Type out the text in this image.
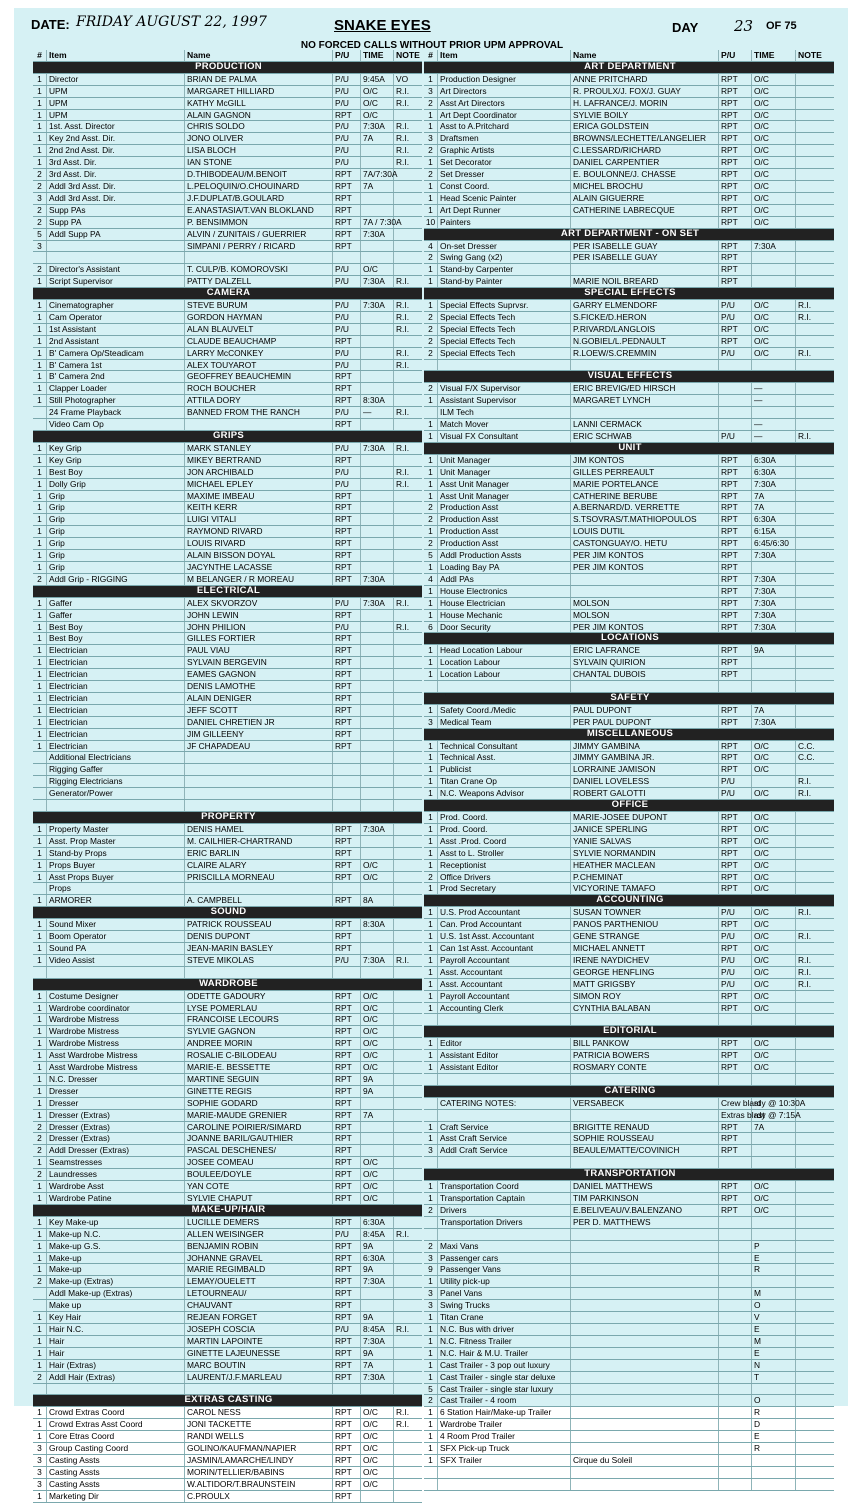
DATE: FRIDAY AUGUST 22, 1997	SNAKE EYES	DAY 23 OF 75
NO FORCED CALLS WITHOUT PRIOR UPM APPROVAL
# Item	Name	P/U	TIME	NOTE
PRODUCTION
1 Director	BRIAN DE PALMA	P/U	9:45A	VO
1 UPM	MARGARET HILLIARD	P/U	O/C	R.I.
1 UPM	KATHY McGILL	P/U	O/C	R.I.
1 UPM	ALAIN GAGNON	RPT	O/C
1 1st. Asst. Director	CHRIS SOLDO	P/U	7:30A	R.I.
1 Key 2nd Asst. Dir.	JONO OLIVER	P/U	7A	R.I.
1 2nd 2nd Asst. Dir.	LISA BLOCH	P/U	R.I.
1 3rd Asst. Dir.	IAN STONE	P/U	R.I.
2 3rd Asst. Dir.	D.THIBODEAU/M.BENOIT	RPT	7A/7:30A
2 Addl 3rd Asst. Dir.	L.PELOQUIN/O.CHOUINARD	RPT	7A
3 Addl 3rd Asst. Dir.	J.F.DUPLAT/B.GOULARD	RPT
2 Supp PAs	E.ANASTASIA/T.VAN BLOKLAND	RPT
2 Supp PA	P. BENSIMMON	RPT	7A / 7:30A
5 Addl Supp PA	ALVIN / ZUNITAIS / GUERRIER	RPT	7:30A
3	SIMPANI / PERRY / RICARD	RPT
2 Director's Assistant	T. CULP/B. KOMOROVSKI	P/U	O/C
1 Script Supervisor	PATTY DALZELL	P/U	7:30A	R.I.
CAMERA
1 Cinematographer	STEVE BURUM	P/U	7:30A	R.I.
1 Cam Operator	GORDON HAYMAN	P/U	R.I.
1 1st Assistant	ALAN BLAUVELT	P/U	R.I.
1 2nd Assistant	CLAUDE BEAUCHAMP	RPT
1 B' Camera Op/Steadicam	LARRY McCONKEY	P/U	R.I.
1 B' Camera 1st	ALEX TOUYAROT	P/U	R.I.
1 B' Camera 2nd	GEOFFREY BEAUCHEMIN	RPT
1 Clapper Loader	ROCH BOUCHER	RPT
1 Still Photographer	ATTILA DORY	RPT	8:30A
24 Frame Playback	BANNED FROM THE RANCH	P/U	—	R.I.
Video Cam Op	RPT
GRIPS
1 Key Grip	MARK STANLEY	P/U	7:30A	R.I.
1 Key Grip	MIKEY BERTRAND	RPT
1 Best Boy	JON ARCHIBALD	P/U	R.I.
1 Dolly Grip	MICHAEL EPLEY	P/U	R.I.
1 Grip	MAXIME IMBEAU	RPT
1 Grip	KEITH KERR	RPT
1 Grip	LUIGI VITALI	RPT
1 Grip	RAYMOND RIVARD	RPT
1 Grip	LOUIS RIVARD	RPT
1 Grip	ALAIN BISSON DOYAL	RPT
1 Grip	JACYNTHE LACASSE	RPT
2 Addl Grip - RIGGING	M BELANGER / R MOREAU	RPT	7:30A
ELECTRICAL
1 Gaffer	ALEX SKVORZOV	P/U	7:30A	R.I.
1 Gaffer	JOHN LEWIN	RPT
1 Best Boy	JOHN PHILION	P/U	R.I.
1 Best Boy	GILLES FORTIER	RPT
1 Electrician	PAUL VIAU	RPT
1 Electrician	SYLVAIN BERGEVIN	RPT
1 Electrician	EAMES GAGNON	RPT
1 Electrician	DENIS LAMOTHE	RPT
1 Electrician	ALAIN DENIGER	RPT
1 Electrician	JEFF SCOTT	RPT
1 Electrician	DANIEL CHRETIEN JR	RPT
1 Electrician	JIM GILLEENY	RPT
1 Electrician	JF CHAPADEAU	RPT
Additional Electricians
Rigging Gaffer
Rigging Electricians
Generator/Power
PROPERTY
1 Property Master	DENIS HAMEL	RPT	7:30A
1 Asst. Prop Master	M. CAILHIER-CHARTRAND	RPT
1 Stand-by Props	ERIC BARLIN	RPT
1 Props Buyer	CLAIRE ALARY	RPT	O/C
1 Asst Props Buyer	PRISCILLA MORNEAU	RPT	O/C
Props
1 ARMORER	A. CAMPBELL	RPT	8A
SOUND
1 Sound Mixer	PATRICK ROUSSEAU	RPT	8:30A
1 Boom Operator	DENIS DUPONT	RPT
1 Sound PA	JEAN-MARIN BASLEY	RPT
1 Video Assist	STEVE MIKOLAS	P/U	7:30A	R.I.
WARDROBE
1 Costume Designer	ODETTE GADOURY	RPT	O/C
1 Wardrobe coordinator	LYSE POMERLAU	RPT	O/C
1 Wardrobe Mistress	FRANCOISE LECOURS	RPT	O/C
1 Wardrobe Mistress	SYLVIE GAGNON	RPT	O/C
1 Wardrobe Mistress	ANDREE MORIN	RPT	O/C
1 Asst Wardrobe Mistress	ROSALIE C-BILODEAU	RPT	O/C
1 Asst Wardrobe Mistress	MARIE-E. BESSETTE	RPT	O/C
1 N.C. Dresser	MARTINE SEGUIN	RPT	9A
1 Dresser	GINETTE REGIS	RPT	9A
1 Dresser	SOPHIE GODARD	RPT
1 Dresser (Extras)	MARIE-MAUDE GRENIER	RPT	7A
2 Dresser (Extras)	CAROLINE POIRIER/SIMARD	RPT
2 Dresser (Extras)	JOANNE BARIL/GAUTHIER	RPT
2 Addl Dresser (Extras)	PASCAL DESCHENES/	RPT
1 Seamstresses	JOSEE COMEAU	RPT	O/C
2 Laundresses	BOULEE/DOYLE	RPT	O/C
1 Wardrobe Asst	YAN COTE	RPT	O/C
1 Wardrobe Patine	SYLVIE CHAPUT	RPT	O/C
MAKE-UP/HAIR
1 Key Make-up	LUCILLE DEMERS	RPT	6:30A
1 Make-up N.C.	ALLEN WEISINGER	P/U	8:45A	R.I.
1 Make-up G.S.	BENJAMIN ROBIN	RPT	9A
1 Make-up	JOHANNE GRAVEL	RPT	6:30A
1 Make-up	MARIE REGIMBALD	RPT	9A
2 Make-up (Extras)	LEMAY/OUELETT	RPT	7:30A
Addl Make-up (Extras)	LETOURNEAU/	RPT
Make up	CHAUVANT	RPT
1 Key Hair	REJEAN FORGET	RPT	9A
1 Hair N.C.	JOSEPH COSCIA	P/U	8:45A	R.I.
1 Hair	MARTIN LAPOINTE	RPT	7:30A
1 Hair	GINETTE LAJEUNESSE	RPT	9A
1 Hair (Extras)	MARC BOUTIN	RPT	7A
2 Addl Hair (Extras)	LAURENT/J.F.MARLEAU	RPT	7:30A
EXTRAS CASTING
1 Crowd Extras Coord	CAROL NESS	RPT	O/C	R.I.
1 Crowd Extras Asst Coord	JONI TACKETTE	RPT	O/C	R.I.
1 Core Etras Coord	RANDI WELLS	RPT	O/C
3 Group Casting Coord	GOLINO/KAUFMAN/NAPIER	RPT	O/C
3 Casting Assts	JASMIN/LAMARCHE/LINDY	RPT	O/C
3 Casting Assts	MORIN/TELLIER/BABINS	RPT	O/C
3 Casting Assts	W.ALTIDOR/T.BRAUNSTEIN	RPT	O/C
1 Marketing Dir	C.PROULX	RPT
# Item	Name	P/U	TIME	NOTE
ART DEPARTMENT
1 Production Designer	ANNE PRITCHARD	RPT	O/C
3 Art Directors	R. PROULX/J. FOX/J. GUAY	RPT	O/C
2 Asst Art Directors	H. LAFRANCE/J. MORIN	RPT	O/C
1 Art Dept Coordinator	SYLVIE BOILY	RPT	O/C
1 Asst to A.Pritchard	ERICA GOLDSTEIN	RPT	O/C
3 Draftsmen	BROWNS/LECHETTE/LANGELIER	RPT	O/C
2 Graphic Artists	C.LESSARD/RICHARD	RPT	O/C
1 Set Decorator	DANIEL CARPENTIER	RPT	O/C
2 Set Dresser	E. BOULONNE/J. CHASSE	RPT	O/C
1 Const Coord.	MICHEL BROCHU	RPT	O/C
1 Head Scenic Painter	ALAIN GIGUERRE	RPT	O/C
1 Art Dept Runner	CATHERINE LABRECQUE	RPT	O/C
10 Painters	RPT	O/C
ART DEPARTMENT - ON SET
4 On-set Dresser	PER ISABELLE GUAY	RPT	7:30A
2 Swing Gang (x2)	PER ISABELLE GUAY	RPT
1 Stand-by Carpenter	RPT
1 Stand-by Painter	MARIE NOIL BREARD	RPT
SPECIAL EFFECTS
1 Special Effects Suprvsr.	GARRY ELMENDORF	P/U	O/C	R.I.
2 Special Effects Tech	S.FICKE/D.HERON	P/U	O/C	R.I.
2 Special Effects Tech	P.RIVARD/LANGLOIS	RPT	O/C
2 Special Effects Tech	N.GOBIEL/L.PEDNAULT	RPT	O/C
2 Special Effects Tech	R.LOEW/S.CREMMIN	P/U	O/C	R.I.
VISUAL EFFECTS
2 Visual F/X Supervisor	ERIC BREVIG/ED HIRSCH	—
1 Assistant Supervisor	MARGARET LYNCH	—
ILM Tech
1 Match Mover	LANNI CERMACK	—
1 Visual FX Consultant	ERIC SCHWAB	P/U	—	R.I.
UNIT
1 Unit Manager	JIM KONTOS	RPT	6:30A
1 Unit Manager	GILLES PERREAULT	RPT	6:30A
1 Asst Unit Manager	MARIE PORTELANCE	RPT	7:30A
1 Asst Unit Manager	CATHERINE BERUBE	RPT	7A
2 Production Asst	A.BERNARD/D. VERRETTE	RPT	7A
2 Production Asst	S.TSOVRAS/T.MATHIOPOULOS	RPT	6:30A
1 Production Asst	LOUIS DUTIL	RPT	6:15A
2 Production Asst	CASTONGUAY/O. HETU	RPT	6:45/6:30
5 Addl Production Assts	PER JIM KONTOS	RPT	7:30A
1 Loading Bay PA	PER JIM KONTOS	RPT
4 Addl PAs	RPT	7:30A
1 House Electronics	RPT	7:30A
1 House Electrician	MOLSON	RPT	7:30A
1 House Mechanic	MOLSON	RPT	7:30A
6 Door Security	PER JIM KONTOS	RPT	7:30A
LOCATIONS
1 Head Location Labour	ERIC LAFRANCE	RPT	9A
1 Location Labour	SYLVAIN QUIRION	RPT
1 Location Labour	CHANTAL DUBOIS	RPT
SAFETY
1 Safety Coord./Medic	PAUL DUPONT	RPT	7A
3 Medical Team	PER PAUL DUPONT	RPT	7:30A
MISCELLANEOUS
1 Technical Consultant	JIMMY GAMBINA	RPT	O/C	C.C.
1 Technical Asst.	JIMMY GAMBINA JR.	RPT	O/C	C.C.
1 Publicist	LORRAINE JAMISON	RPT	O/C
1 Titan Crane Op	DANIEL LOVELESS	P/U	R.I.
1 N.C. Weapons Advisor	ROBERT GALOTTI	P/U	O/C	R.I.
OFFICE
1 Prod. Coord.	MARIE-JOSEE DUPONT	RPT	O/C
1 Prod. Coord.	JANICE SPERLING	RPT	O/C
1 Asst .Prod. Coord	YANIE SALVAS	RPT	O/C
1 Asst to L. Stroller	SYLVIE NORMANDIN	RPT	O/C
1 Receptionist	HEATHER MACLEAN	RPT	O/C
2 Office Drivers	P.CHEMINAT	RPT	O/C
1 Prod Secretary	VICYORINE TAMAFO	RPT	O/C
ACCOUNTING
1 U.S. Prod Accountant	SUSAN TOWNER	P/U	O/C	R.I.
1 Can. Prod Accountant	PANOS PARTHENIOU	RPT	O/C
1 U.S. 1st Asst. Accountant	GENE STRANGE	P/U	O/C	R.I.
1 Can 1st Asst. Accountant	MICHAEL ANNETT	RPT	O/C
1 Payroll Accountant	IRENE NAYDICHEV	P/U	O/C	R.I.
1 Asst. Accountant	GEORGE HENFLING	P/U	O/C	R.I.
1 Asst. Accountant	MATT GRIGSBY	P/U	O/C	R.I.
1 Payroll Accountant	SIMON ROY	RPT	O/C
1 Accounting Clerk	CYNTHIA BALABAN	RPT	O/C
EDITORIAL
1 Editor	BILL PANKOW	RPT	O/C
1 Assistant Editor	PATRICIA BOWERS	RPT	O/C
1 Assistant Editor	ROSMARY CONTE	RPT	O/C
CATERING
CATERING NOTES:	VERSABECK	Crew blast
rdy @ 10:30A
Extras blast
rdy @ 7:15A
1 Craft Service	BRIGITTE RENAUD	RPT	7A
1 Asst Craft Service	SOPHIE ROUSSEAU	RPT
3 Addl Craft Service	BEAULE/MATTE/COVINICH	RPT
TRANSPORTATION
1 Transportation Coord	DANIEL MATTHEWS	RPT	O/C
1 Transportation Captain	TIM PARKINSON	RPT	O/C
2 Drivers	E.BELIVEAU/V.BALENZANO	RPT	O/C
Transportation Drivers	PER D. MATTHEWS
2 Maxi Vans	P
3 Passenger cars	E
9 Passenger Vans	R
1 Utility pick-up
3 Panel Vans	M
3 Swing Trucks	O
1 Titan Crane	V
1 N.C. Bus with driver	E
1 N.C. Fitness Trailer	M
1 N.C. Hair & M.U. Trailer	E
1 Cast Trailer - 3 pop out luxury	N
1 Cast Trailer - single star deluxe	T
5 Cast Trailer - single star luxury
2 Cast Trailer - 4 room	O
1 6 Station Hair/Make-up Trailer	R
1 Wardrobe Trailer	D
1 4 Room Prod Trailer	E
1 SFX Pick-up Truck	R
1 SFX Trailer	Cirque du Soleil
